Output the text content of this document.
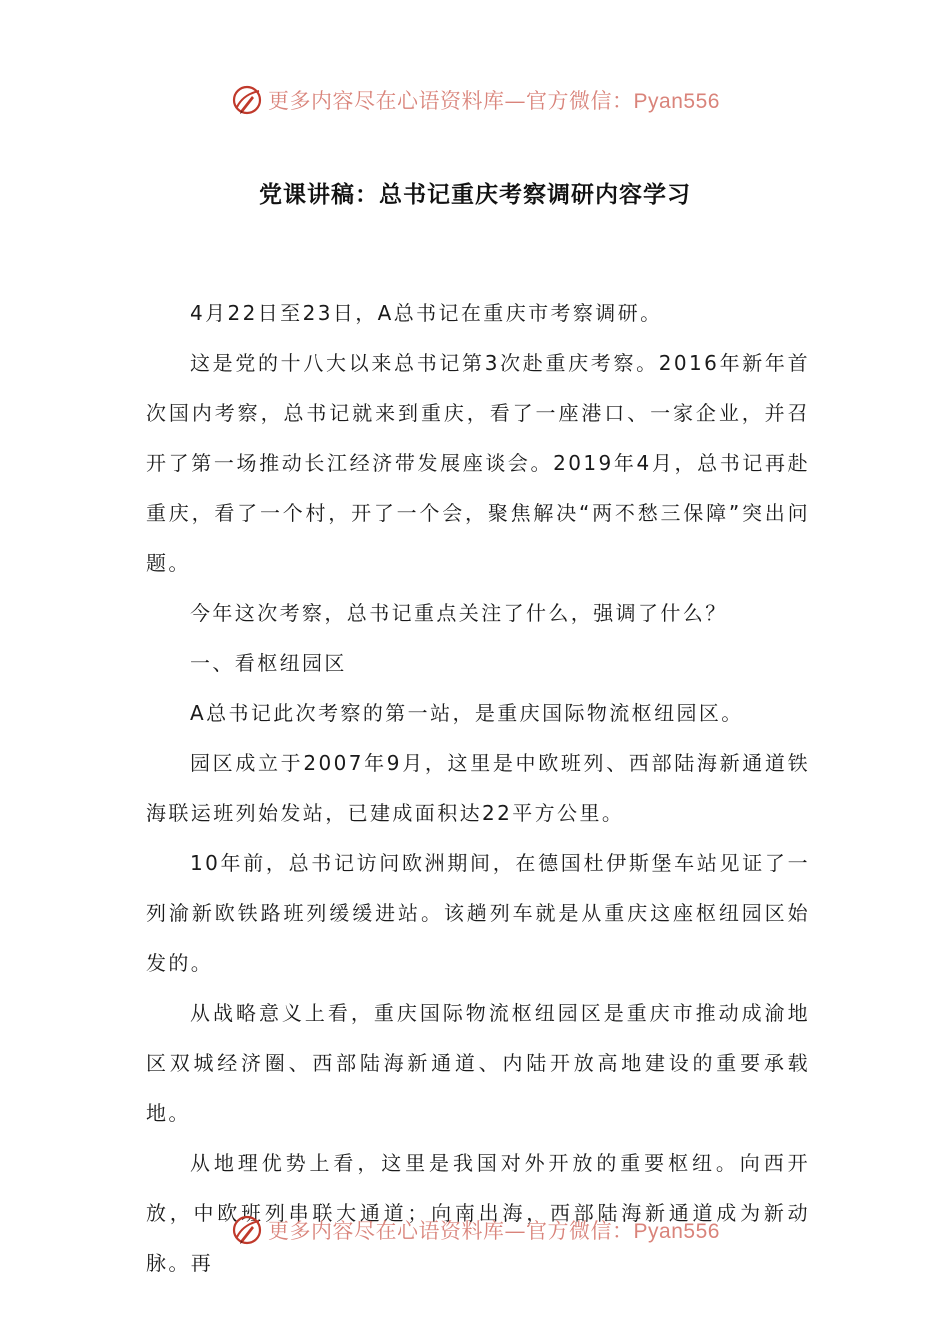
更多内容尽在心语资料库—官方微信：Pyan556
党课讲稿：总书记重庆考察调研内容学习

4月22日至23日，A总书记在重庆市考察调研。

这是党的十八大以来总书记第3次赴重庆考察。2016年新年首次国内考察，总书记就来到重庆，看了一座港口、一家企业，并召开了第一场推动长江经济带发展座谈会。2019年4月，总书记再赴重庆，看了一个村，开了一个会，聚焦解决“两不愁三保障”突出问题。

今年这次考察，总书记重点关注了什么，强调了什么？

一、看枢纽园区

A总书记此次考察的第一站，是重庆国际物流枢纽园区。

园区成立于2007年9月，这里是中欧班列、西部陆海新通道铁海联运班列始发站，已建成面积达22平方公里。

10年前，总书记访问欧洲期间，在德国杜伊斯堡车站见证了一列渝新欧铁路班列缓缓进站。该趟列车就是从重庆这座枢纽园区始发的。

从战略意义上看，重庆国际物流枢纽园区是重庆市推动成渝地区双城经济圈、西部陆海新通道、内陆开放高地建设的重要承载地。

从地理优势上看，这里是我国对外开放的重要枢纽。向西开放，中欧班列串联大通道；向南出海，西部陆海新通道成为新动脉。再

更多内容尽在心语资料库—官方微信：Pyan556
